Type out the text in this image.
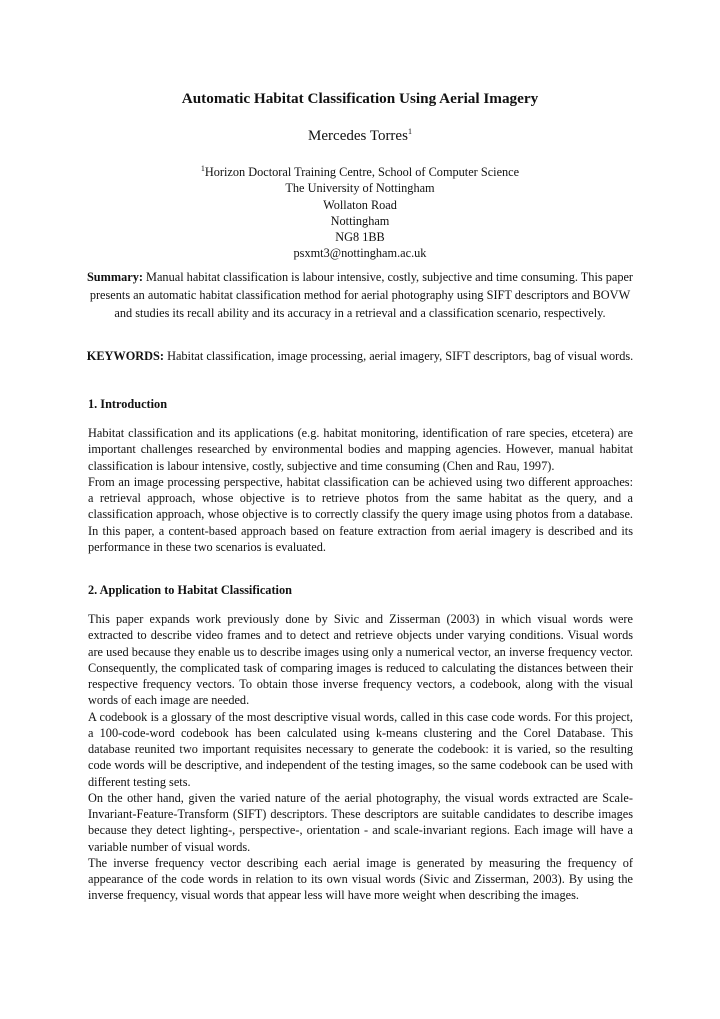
Automatic Habitat Classification Using Aerial Imagery
Mercedes Torres$^1$
$^1$Horizon Doctoral Training Centre, School of Computer Science
The University of Nottingham
Wollaton Road
Nottingham
NG8 1BB
psxmt3@nottingham.ac.uk
Summary: Manual habitat classification is labour intensive, costly, subjective and time consuming. This paper presents an automatic habitat classification method for aerial photography using SIFT descriptors and BOVW and studies its recall ability and its accuracy in a retrieval and a classification scenario, respectively.
KEYWORDS: Habitat classification, image processing, aerial imagery, SIFT descriptors, bag of visual words.
1. Introduction

Habitat classification and its applications (e.g. habitat monitoring, identification of rare species, etcetera) are important challenges researched by environmental bodies and mapping agencies. However, manual habitat classification is labour intensive, costly, subjective and time consuming (Chen and Rau, 1997).

From an image processing perspective, habitat classification can be achieved using two different approaches: a retrieval approach, whose objective is to retrieve photos from the same habitat as the query, and a classification approach, whose objective is to correctly classify the query image using photos from a database. In this paper, a content-based approach based on feature extraction from aerial imagery is described and its performance in these two scenarios is evaluated.

2. Application to Habitat Classification

This paper expands work previously done by Sivic and Zisserman (2003) in which visual words were extracted to describe video frames and to detect and retrieve objects under varying conditions. Visual words are used because they enable us to describe images using only a numerical vector, an inverse frequency vector. Consequently, the complicated task of comparing images is reduced to calculating the distances between their respective frequency vectors. To obtain those inverse frequency vectors, a codebook, along with the visual words of each image are needed.

A codebook is a glossary of the most descriptive visual words, called in this case code words. For this project, a 100-code-word codebook has been calculated using k-means clustering and the Corel Database. This database reunited two important requisites necessary to generate the codebook: it is varied, so the resulting code words will be descriptive, and independent of the testing images, so the same codebook can be used with different testing sets.

On the other hand, given the varied nature of the aerial photography, the visual words extracted are Scale-Invariant-Feature-Transform (SIFT) descriptors. These descriptors are suitable candidates to describe images because they detect lighting-, perspective-, orientation - and scale-invariant regions. Each image will have a variable number of visual words.

The inverse frequency vector describing each aerial image is generated by measuring the frequency of appearance of the code words in relation to its own visual words (Sivic and Zisserman, 2003). By using the inverse frequency, visual words that appear less will have more weight when describing the images.
